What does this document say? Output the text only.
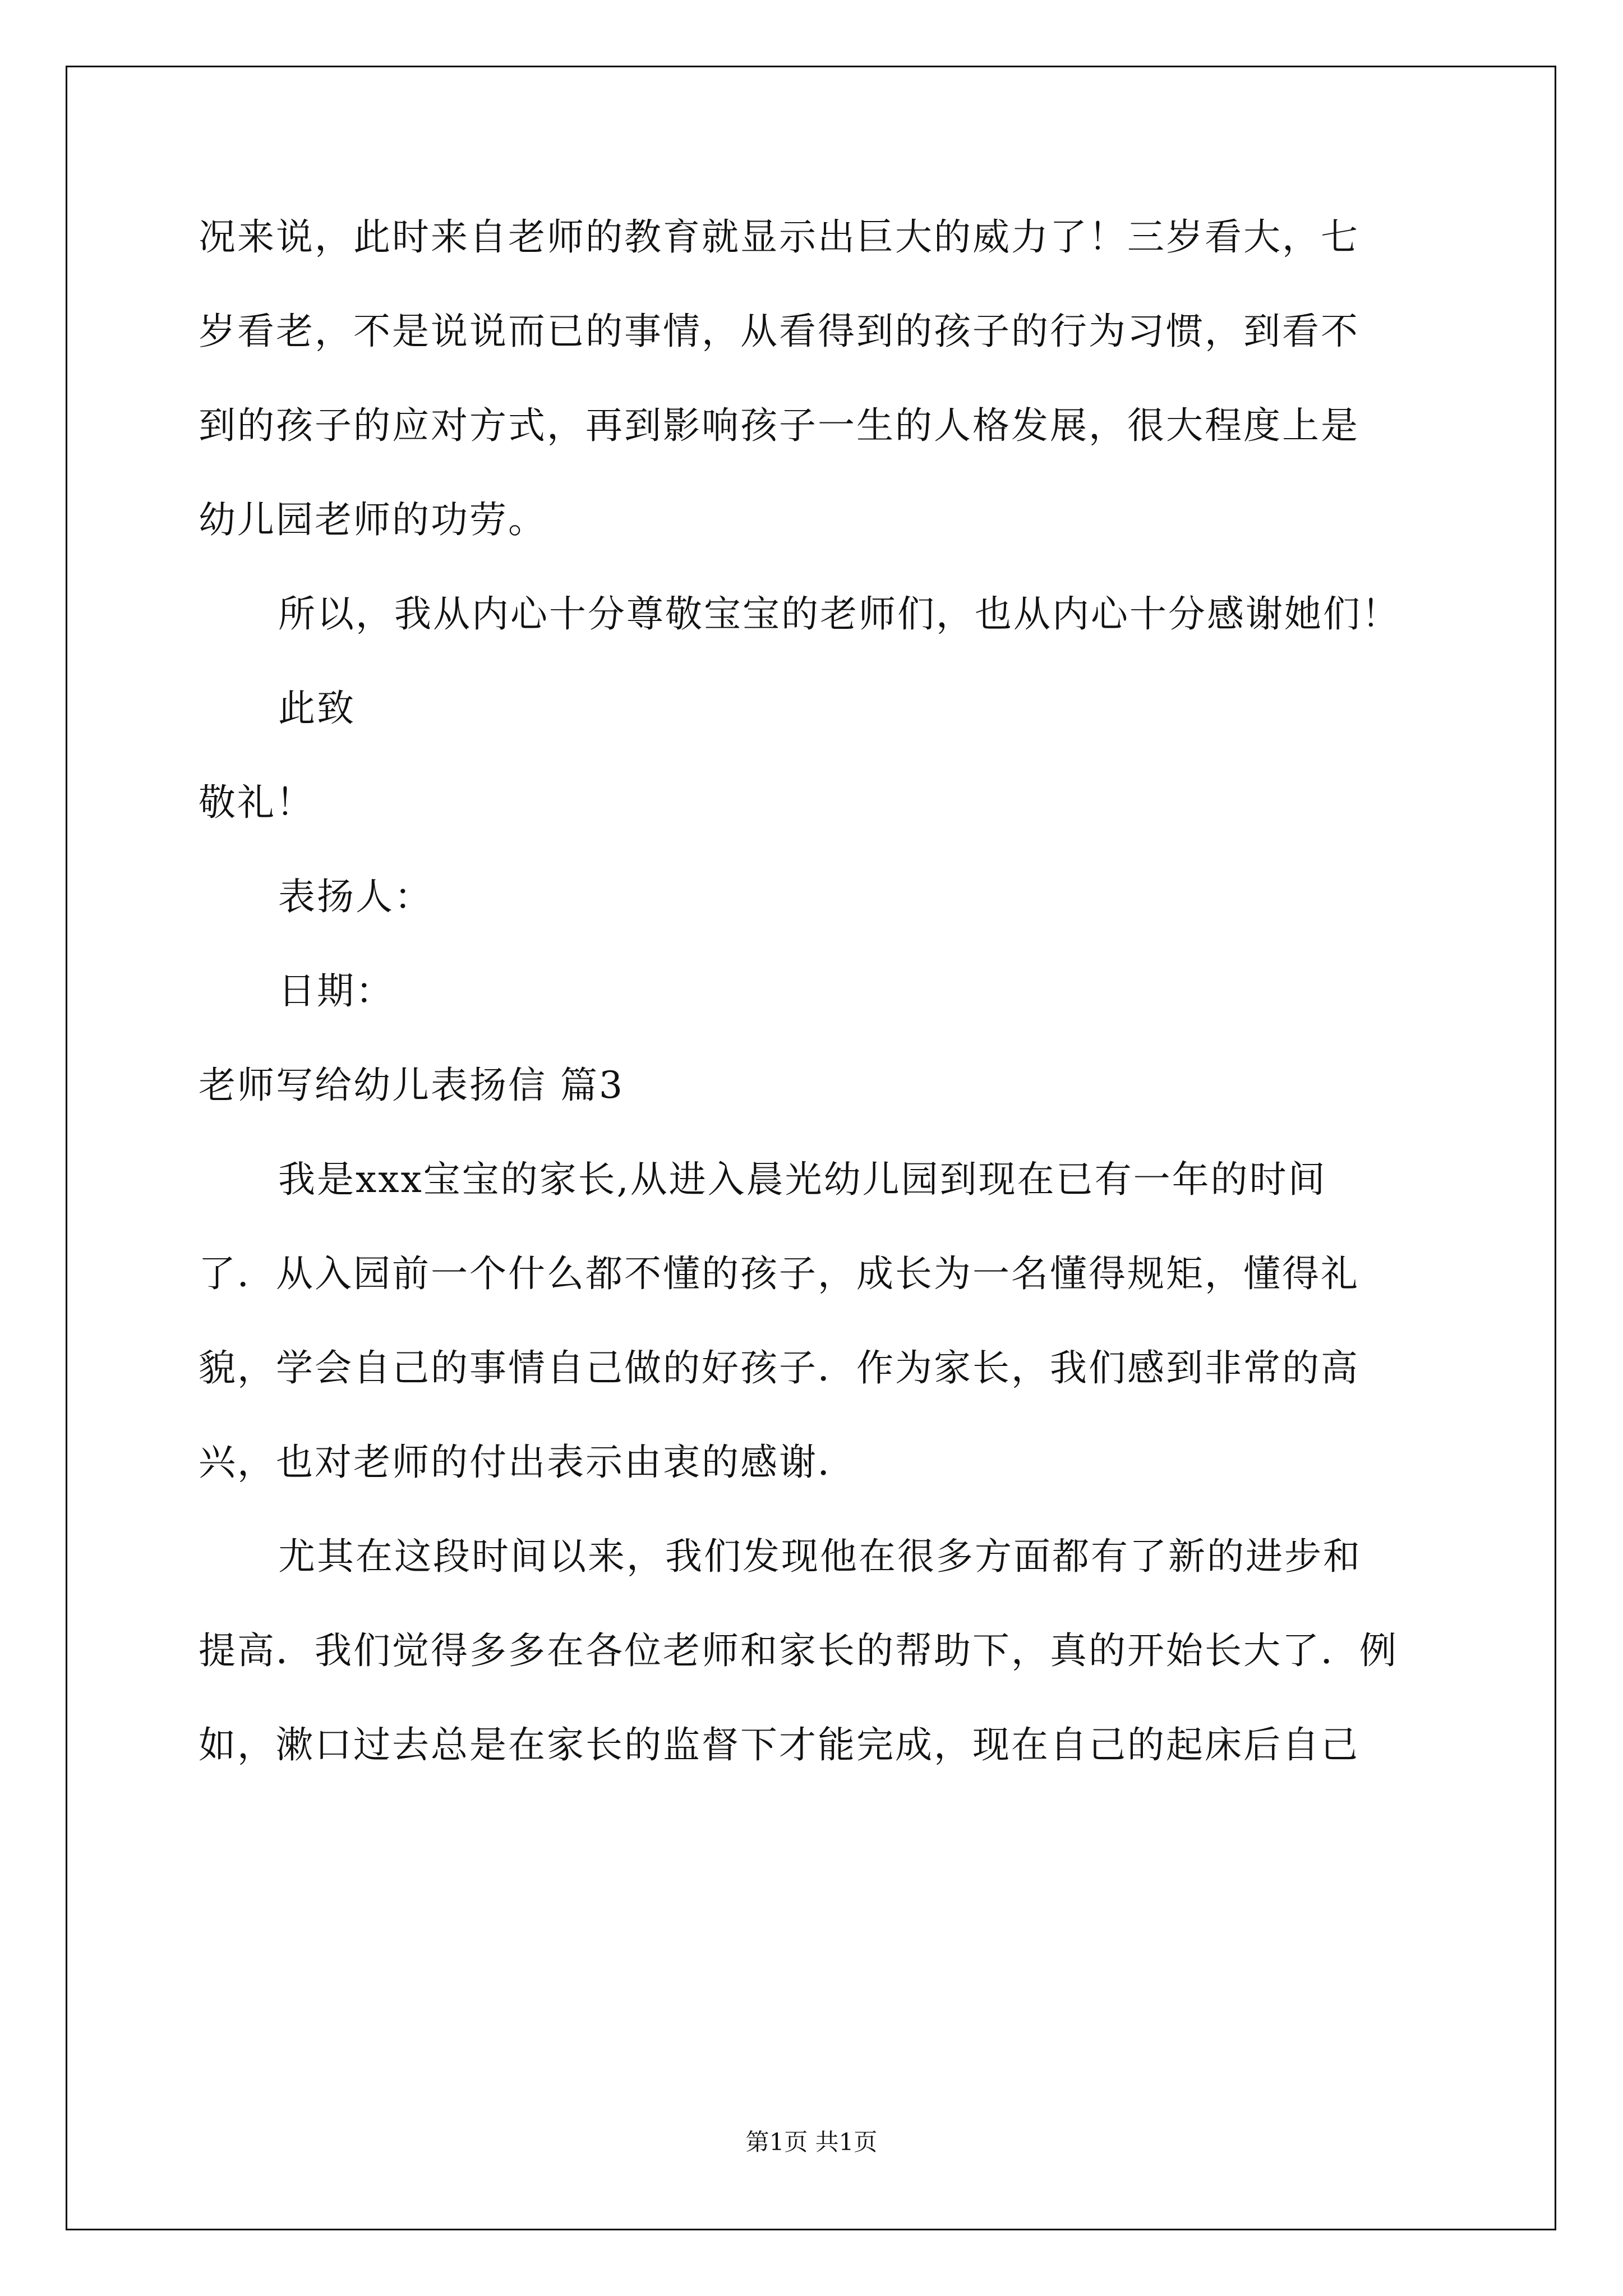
况来说，此时来自老师的教育就显示出巨大的威力了！三岁看大，七

岁看老，不是说说而已的事情，从看得到的孩子的行为习惯，到看不

到的孩子的应对方式，再到影响孩子一生的人格发展，很大程度上是

幼儿园老师的功劳。

所以，我从内心十分尊敬宝宝的老师们，也从内心十分感谢她们！

此致

敬礼！

表扬人：

日期：

老师写给幼儿表扬信 篇3

我是xxx宝宝的家长,从进入晨光幼儿园到现在已有一年的时间

了．从入园前一个什么都不懂的孩子，成长为一名懂得规矩，懂得礼

貌，学会自己的事情自己做的好孩子．作为家长，我们感到非常的高

兴，也对老师的付出表示由衷的感谢．

尤其在这段时间以来，我们发现他在很多方面都有了新的进步和

提高．我们觉得多多在各位老师和家长的帮助下，真的开始长大了．例

如，漱口过去总是在家长的监督下才能完成，现在自己的起床后自己

第1页 共1页
